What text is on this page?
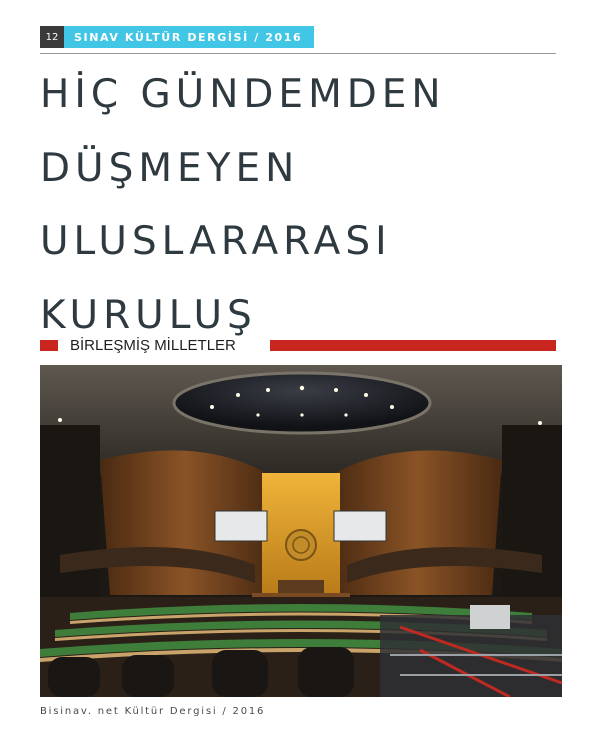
12	SINAV KÜLTÜR DERGİSİ / 2016
HİÇ GÜNDEMDEN
DÜŞMEYEN
ULUSLARARASI
KURULUŞ
BİRLEŞMİŞ MİLLETLER
Bisinav. net Kültür Dergisi / 2016
